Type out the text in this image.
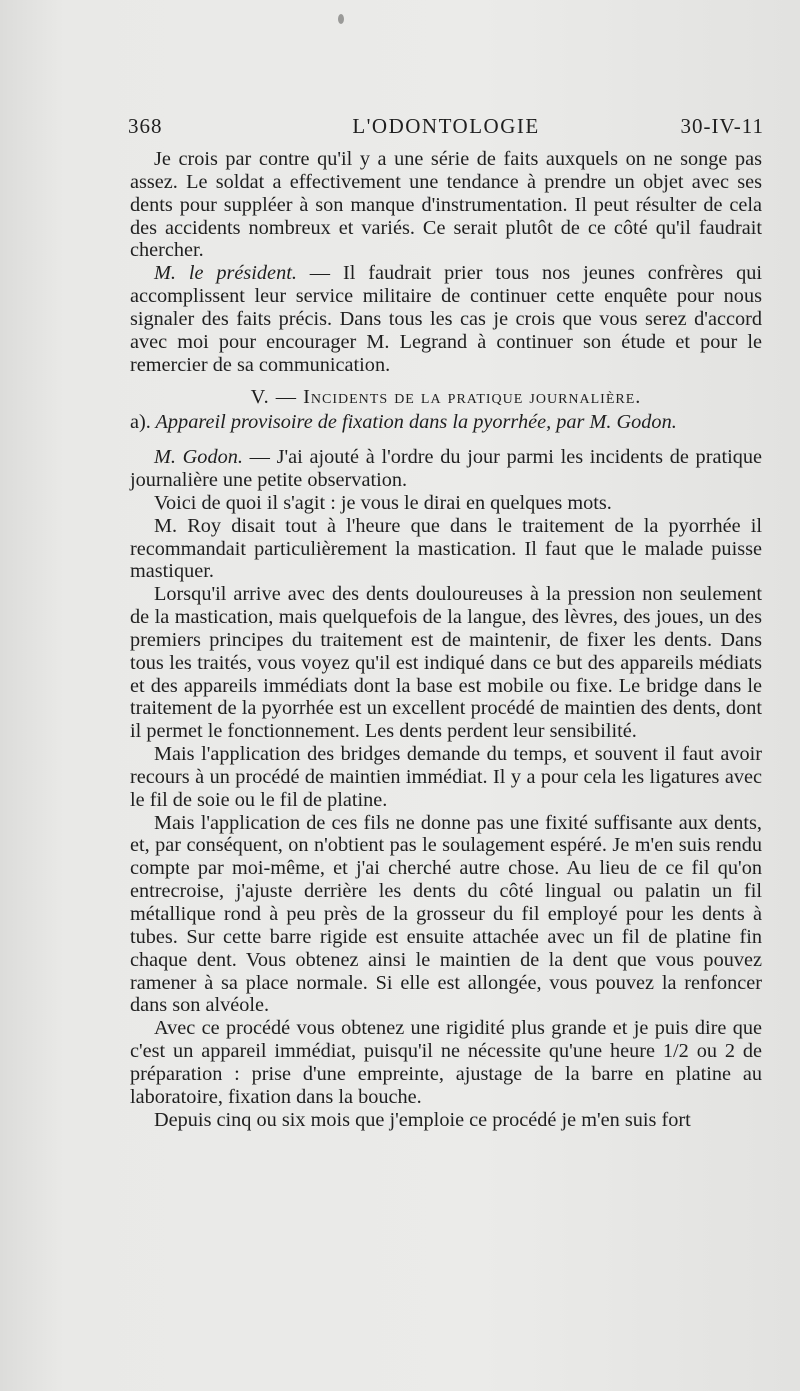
L'ODONTOLOGIE
368	30-IV-11

Je crois par contre qu'il y a une série de faits auxquels on ne songe pas assez. Le soldat a effectivement une tendance à prendre un objet avec ses dents pour suppléer à son manque d'instrumentation. Il peut résulter de cela des accidents nombreux et variés. Ce serait plutôt de ce côté qu'il faudrait chercher.

M. le président. — Il faudrait prier tous nos jeunes confrères qui accomplissent leur service militaire de continuer cette enquête pour nous signaler des faits précis. Dans tous les cas je crois que vous serez d'accord avec moi pour encourager M. Legrand à continuer son étude et pour le remercier de sa communication.

V. — Incidents de la pratique journalière.

a). Appareil provisoire de fixation dans la pyorrhée, par M. Godon.

M. Godon. — J'ai ajouté à l'ordre du jour parmi les incidents de pratique journalière une petite observation.

Voici de quoi il s'agit : je vous le dirai en quelques mots.

M. Roy disait tout à l'heure que dans le traitement de la pyorrhée il recommandait particulièrement la mastication. Il faut que le malade puisse mastiquer.

Lorsqu'il arrive avec des dents douloureuses à la pression non seulement de la mastication, mais quelquefois de la langue, des lèvres, des joues, un des premiers principes du traitement est de maintenir, de fixer les dents. Dans tous les traités, vous voyez qu'il est indiqué dans ce but des appareils médiats et des appareils immédiats dont la base est mobile ou fixe. Le bridge dans le traitement de la pyorrhée est un excellent procédé de maintien des dents, dont il permet le fonctionnement. Les dents perdent leur sensibilité.

Mais l'application des bridges demande du temps, et souvent il faut avoir recours à un procédé de maintien immédiat. Il y a pour cela les ligatures avec le fil de soie ou le fil de platine.

Mais l'application de ces fils ne donne pas une fixité suffisante aux dents, et, par conséquent, on n'obtient pas le soulagement espéré. Je m'en suis rendu compte par moi-même, et j'ai cherché autre chose. Au lieu de ce fil qu'on entrecroise, j'ajuste derrière les dents du côté lingual ou palatin un fil métallique rond à peu près de la grosseur du fil employé pour les dents à tubes. Sur cette barre rigide est ensuite attachée avec un fil de platine fin chaque dent. Vous obtenez ainsi le maintien de la dent que vous pouvez ramener à sa place normale. Si elle est allongée, vous pouvez la renfoncer dans son alvéole.

Avec ce procédé vous obtenez une rigidité plus grande et je puis dire que c'est un appareil immédiat, puisqu'il ne nécessite qu'une heure 1/2 ou 2 de préparation : prise d'une empreinte, ajustage de la barre en platine au laboratoire, fixation dans la bouche.

Depuis cinq ou six mois que j'emploie ce procédé je m'en suis fort
